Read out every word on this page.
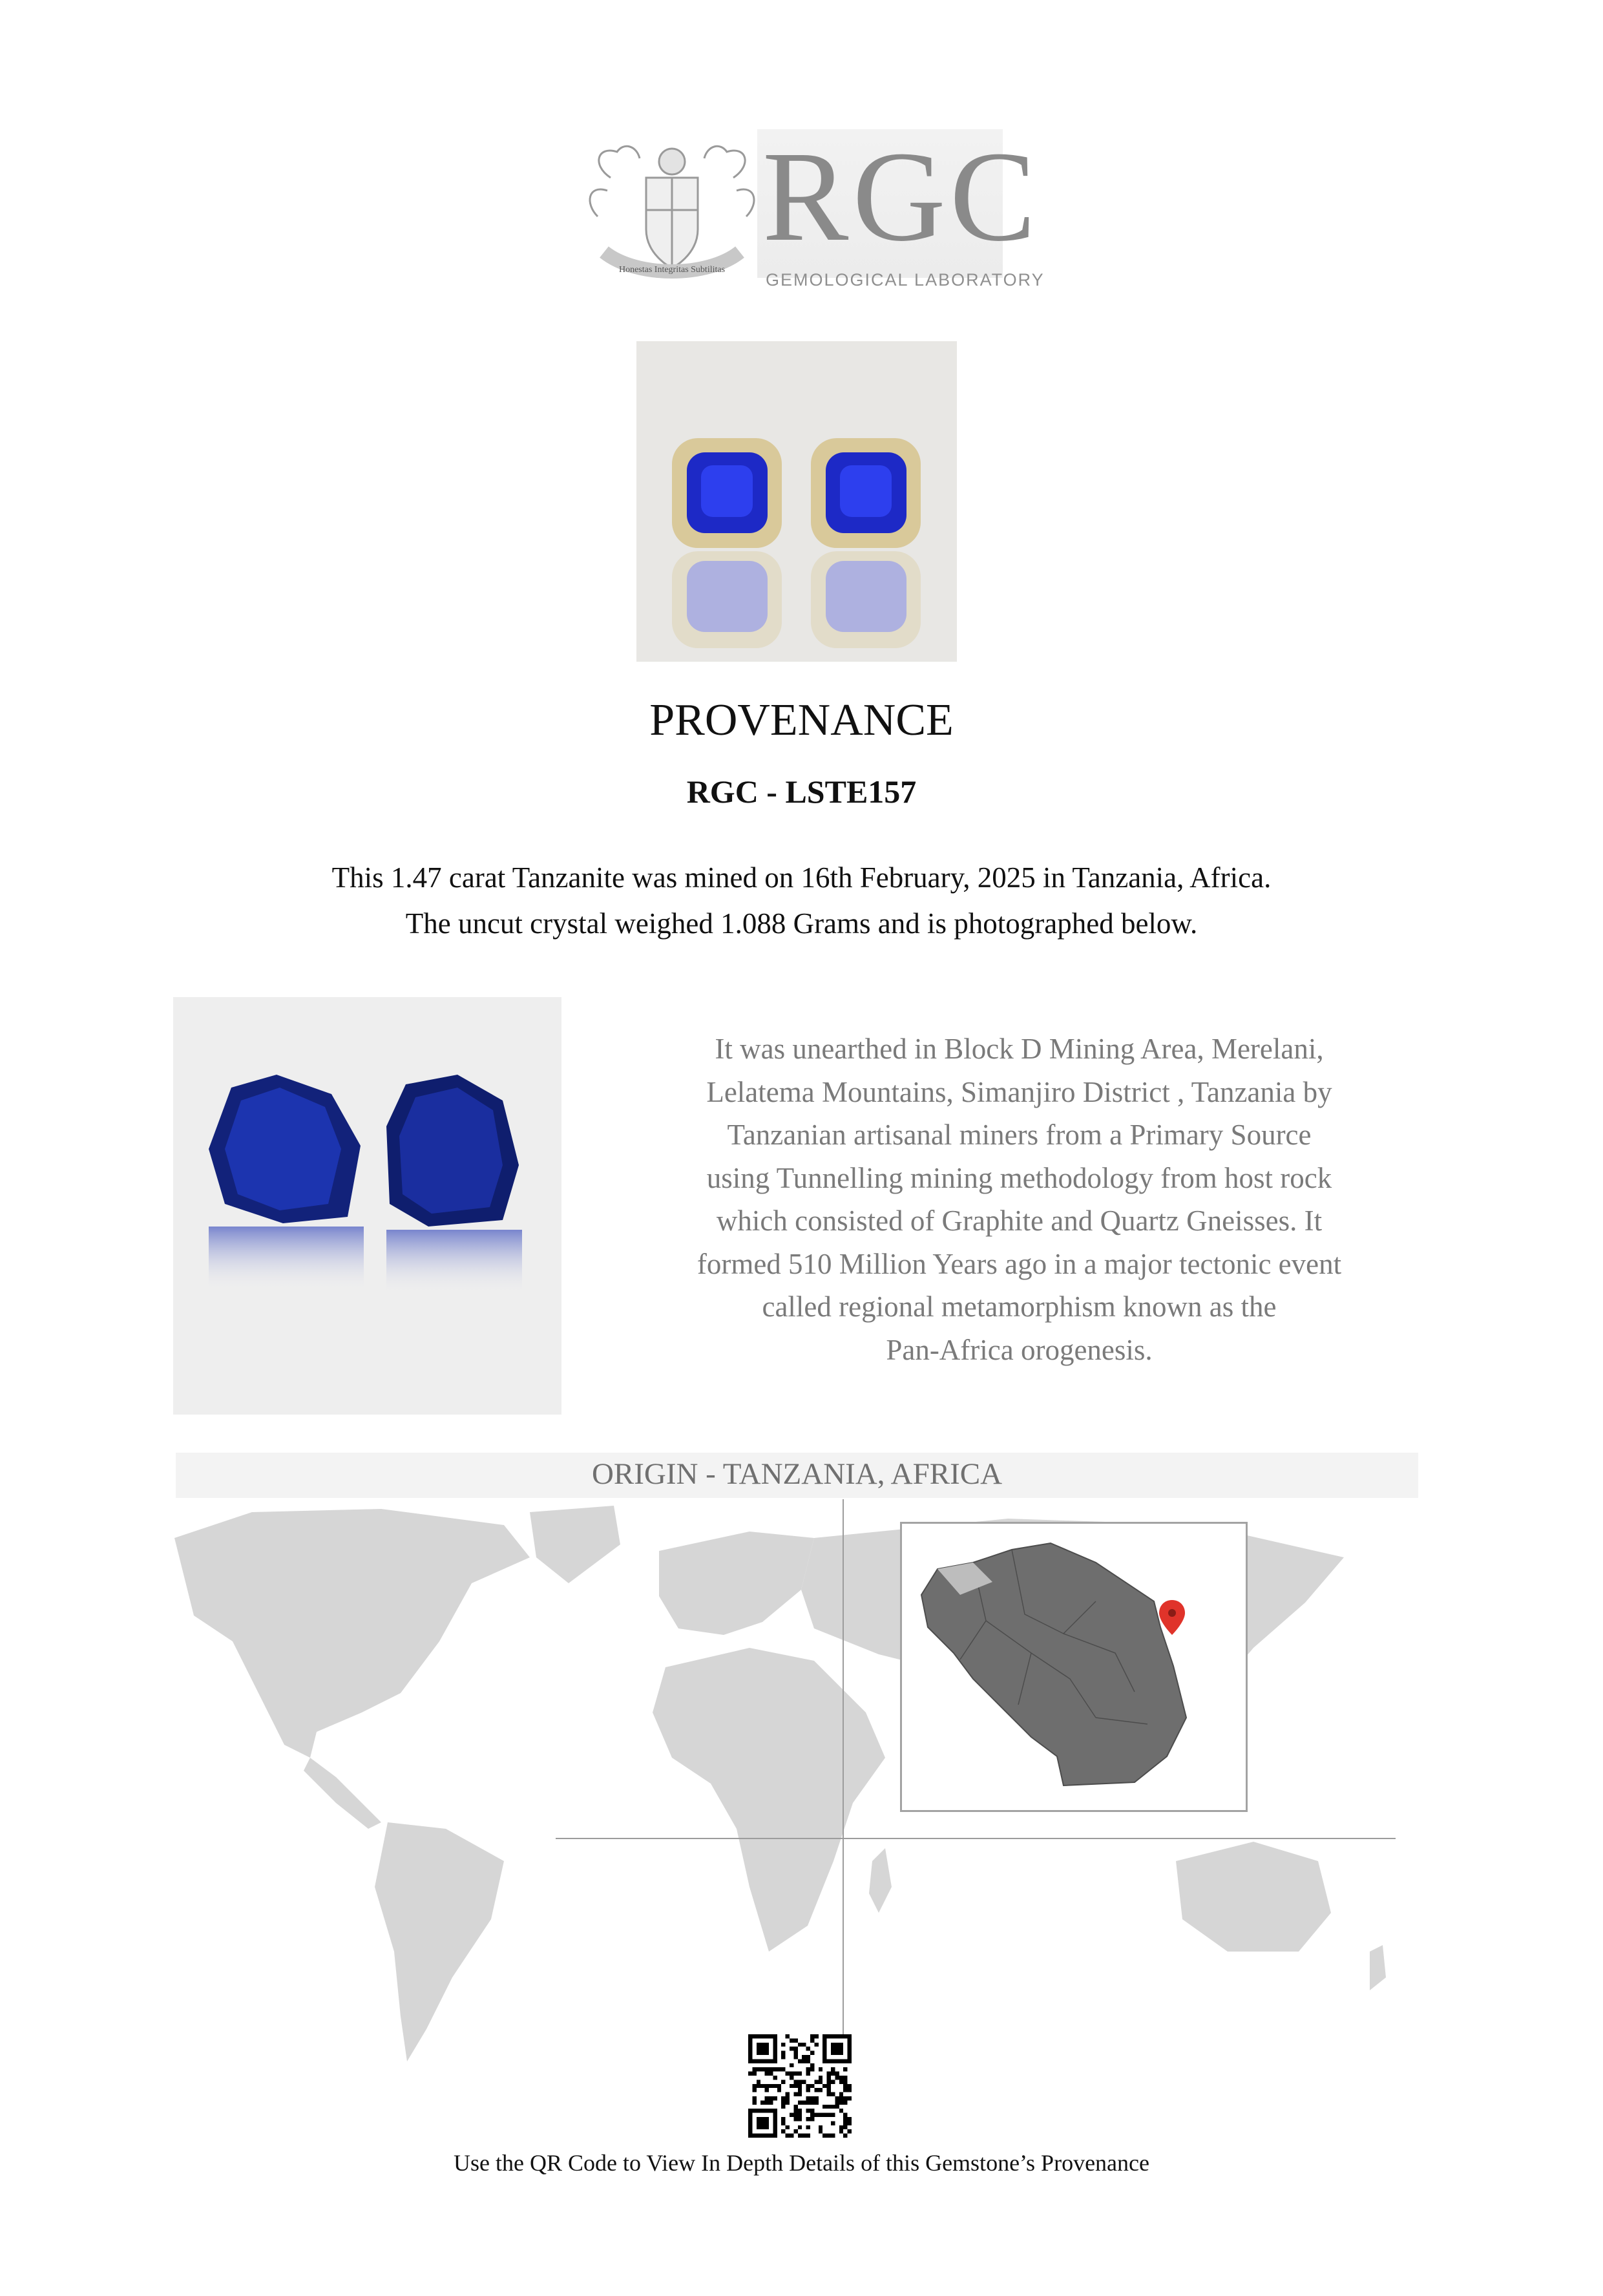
Honestas Integritas Subtilitas
RGC
GEMOLOGICAL LABORATORY
PROVENANCE
RGC - LSTE157
This 1.47 carat Tanzanite was mined on 16th February, 2025 in Tanzania, Africa.
The uncut crystal weighed 1.088 Grams and is photographed below.
It was unearthed in Block D Mining Area, Merelani,
Lelatema Mountains, Simanjiro District , Tanzania by
Tanzanian artisanal miners from a Primary Source
using Tunnelling mining methodology from host rock
which consisted of Graphite and Quartz Gneisses. It
formed 510 Million Years ago in a major tectonic event
called regional metamorphism known as the
Pan-Africa orogenesis.
ORIGIN - TANZANIA, AFRICA
Use the QR Code to View In Depth Details of this Gemstone’s Provenance
